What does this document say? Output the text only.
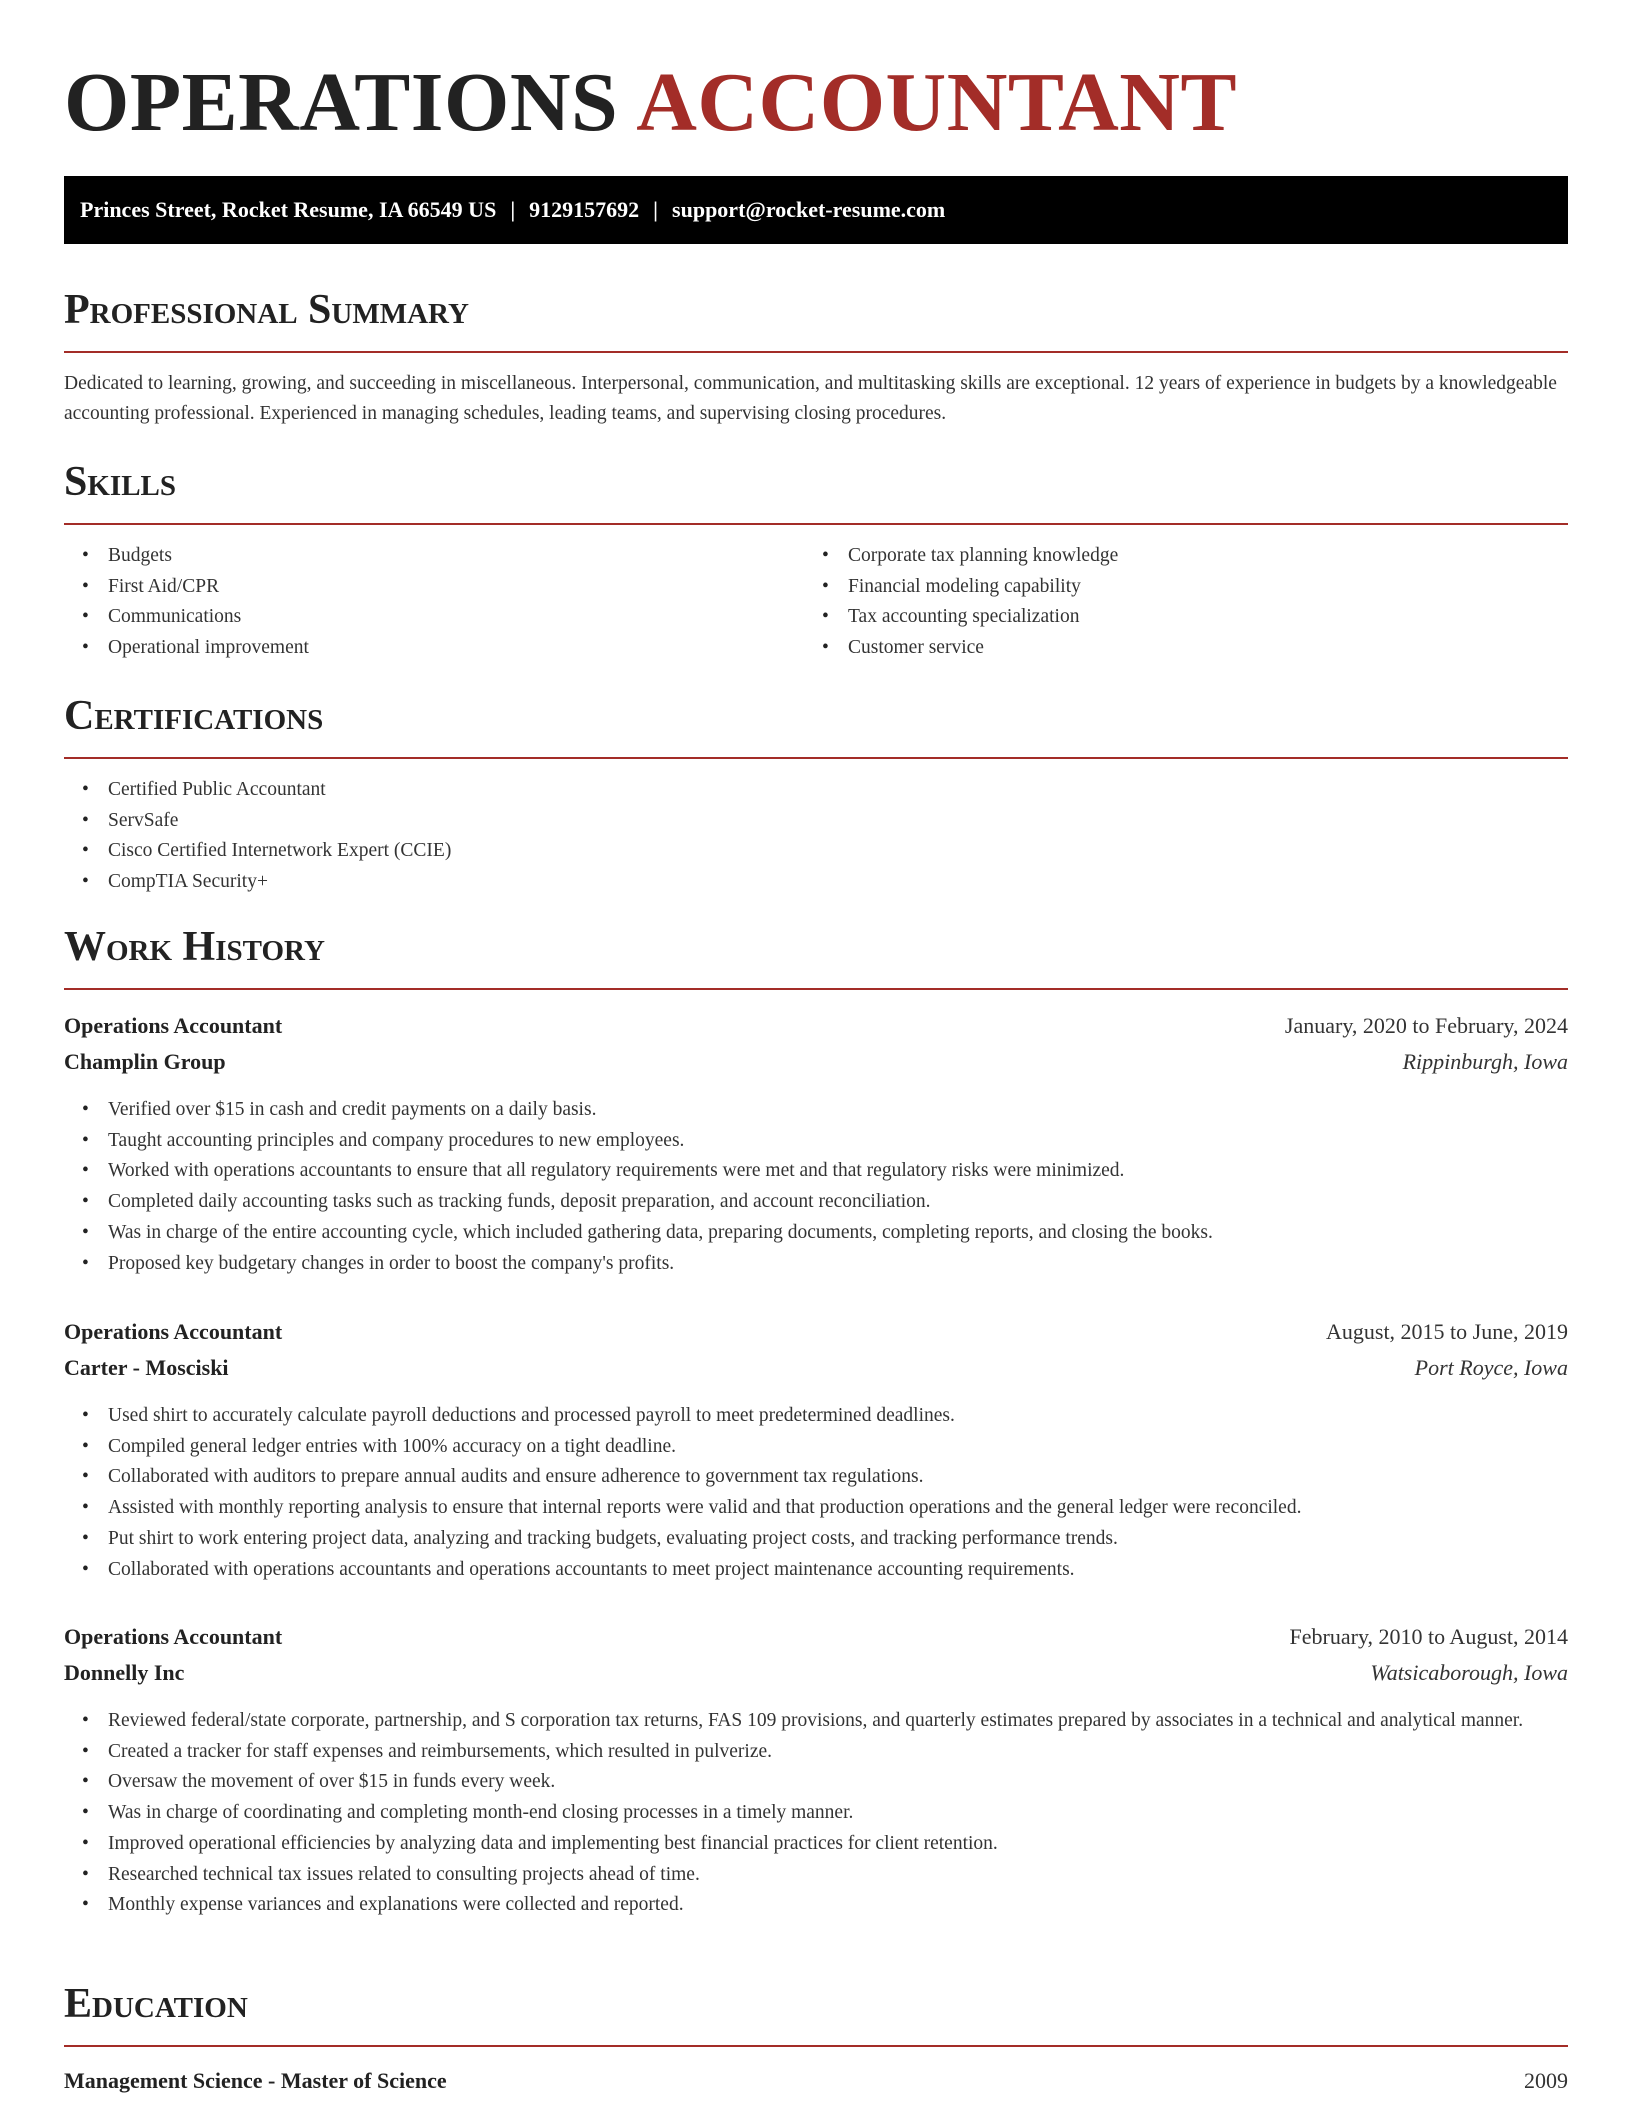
OPERATIONS ACCOUNTANT
Princes Street, Rocket Resume, IA 66549 US | 9129157692 | support@rocket-resume.com
Professional Summary
Dedicated to learning, growing, and succeeding in miscellaneous. Interpersonal, communication, and multitasking skills are exceptional. 12 years of experience in budgets by a knowledgeable accounting professional. Experienced in managing schedules, leading teams, and supervising closing procedures.
Skills
• Budgets
• First Aid/CPR
• Communications
• Operational improvement
• Corporate tax planning knowledge
• Financial modeling capability
• Tax accounting specialization
• Customer service
Certifications
• Certified Public Accountant
• ServSafe
• Cisco Certified Internetwork Expert (CCIE)
• CompTIA Security+
Work History
Operations Accountant	January, 2020 to February, 2024
Champlin Group	Rippinburgh, Iowa
• Verified over $15 in cash and credit payments on a daily basis.
• Taught accounting principles and company procedures to new employees.
• Worked with operations accountants to ensure that all regulatory requirements were met and that regulatory risks were minimized.
• Completed daily accounting tasks such as tracking funds, deposit preparation, and account reconciliation.
• Was in charge of the entire accounting cycle, which included gathering data, preparing documents, completing reports, and closing the books.
• Proposed key budgetary changes in order to boost the company's profits.
Operations Accountant	August, 2015 to June, 2019
Carter - Mosciski	Port Royce, Iowa
• Used shirt to accurately calculate payroll deductions and processed payroll to meet predetermined deadlines.
• Compiled general ledger entries with 100% accuracy on a tight deadline.
• Collaborated with auditors to prepare annual audits and ensure adherence to government tax regulations.
• Assisted with monthly reporting analysis to ensure that internal reports were valid and that production operations and the general ledger were reconciled.
• Put shirt to work entering project data, analyzing and tracking budgets, evaluating project costs, and tracking performance trends.
• Collaborated with operations accountants and operations accountants to meet project maintenance accounting requirements.
Operations Accountant	February, 2010 to August, 2014
Donnelly Inc	Watsicaborough, Iowa
• Reviewed federal/state corporate, partnership, and S corporation tax returns, FAS 109 provisions, and quarterly estimates prepared by associates in a technical and analytical manner.
• Created a tracker for staff expenses and reimbursements, which resulted in pulverize.
• Oversaw the movement of over $15 in funds every week.
• Was in charge of coordinating and completing month-end closing processes in a timely manner.
• Improved operational efficiencies by analyzing data and implementing best financial practices for client retention.
• Researched technical tax issues related to consulting projects ahead of time.
• Monthly expense variances and explanations were collected and reported.
Education
Management Science - Master of Science	2009
